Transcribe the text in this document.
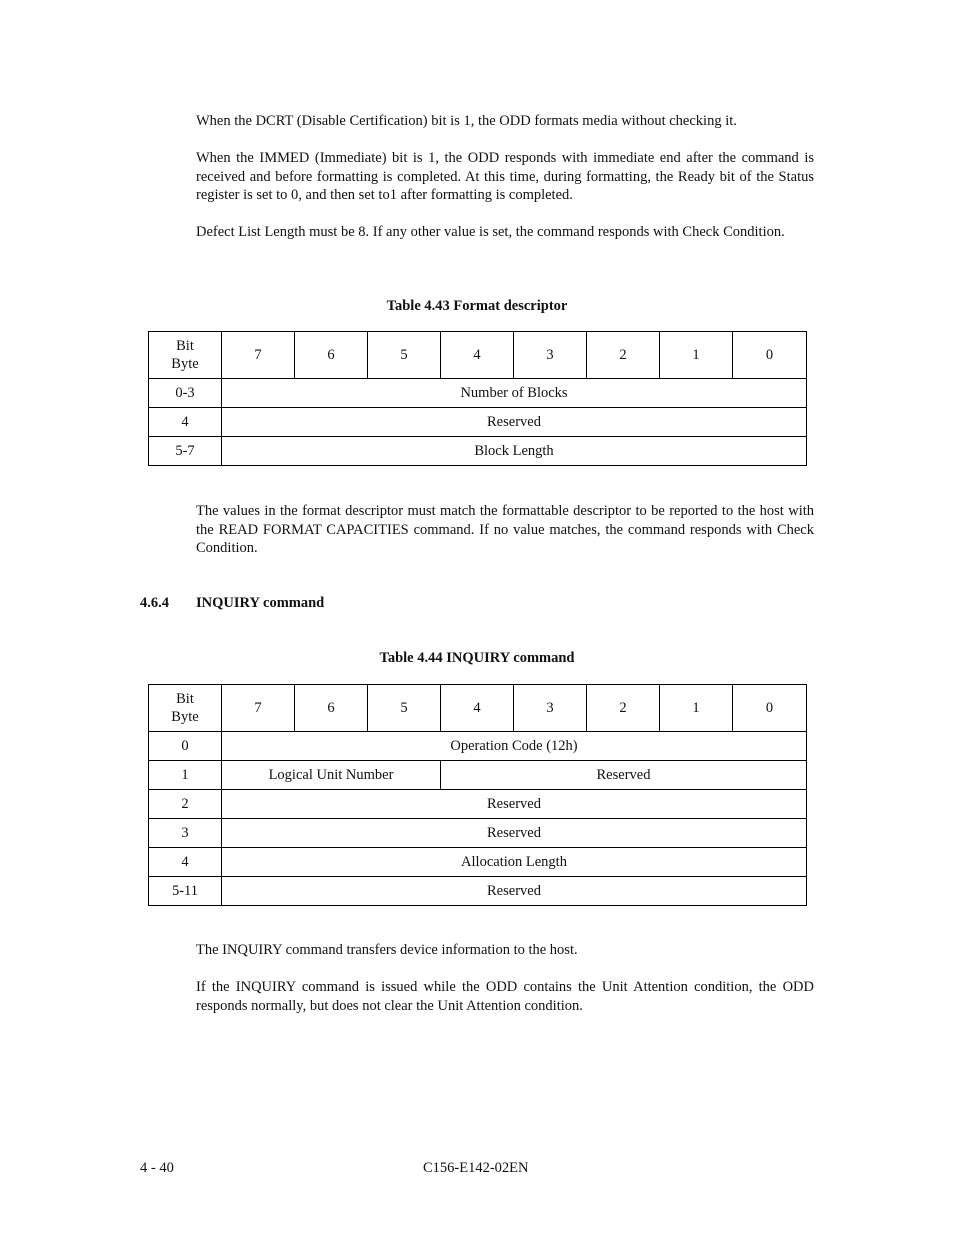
When the DCRT (Disable Certification) bit is 1, the ODD formats media without checking it.

When the IMMED (Immediate) bit is 1, the ODD responds with immediate end after the command is received and before formatting is completed. At this time, during formatting, the Ready bit of the Status register is set to 0, and then set to1 after formatting is completed.

Defect List Length must be 8. If any other value is set, the command responds with Check Condition.

Table 4.43 Format descriptor
Bit
Byte	7	6	5	4	3	2	1	0
0-3	Number of Blocks							
4	Reserved							
5-7	Block Length							

The values in the format descriptor must match the formattable descriptor to be reported to the host with the READ FORMAT CAPACITIES command. If no value matches, the command responds with Check Condition.

4.6.4 INQUIRY command
Table 4.44 INQUIRY command
Bit
Byte	7	6	5	4	3	2	1	0
0	Operation Code (12h)							
1	Logical Unit Number			Reserved				
2	Reserved							
3	Reserved							
4	Allocation Length							
5-11	Reserved							

The INQUIRY command transfers device information to the host.

If the INQUIRY command is issued while the ODD contains the Unit Attention condition, the ODD responds normally, but does not clear the Unit Attention condition.

4 - 40	C156-E142-02EN
